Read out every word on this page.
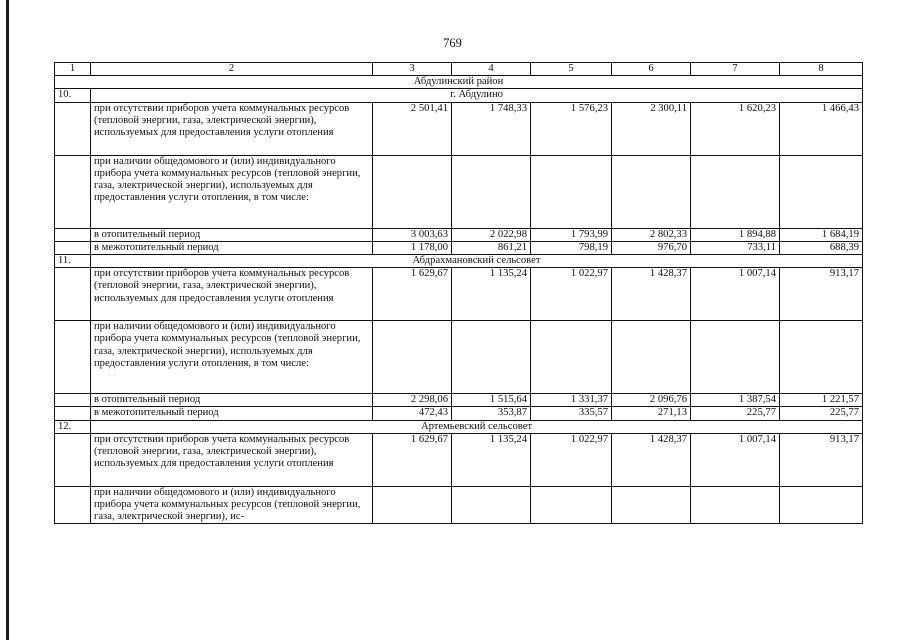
769
1	2	3	4	5	6	7	8
Абдулинский район							
10.	г. Абдулино						
	при отсутствии приборов учета коммунальных ресурсов (тепловой энергии, газа, электрической энергии), используемых для предоставления услуги отопления	2 501,41	1 748,33	1 576,23	2 300,11	1 620,23	1 466,43
	при наличии общедомового и (или) индивидуального прибора учета коммунальных ресурсов (тепловой энергии, газа, электрической энергии), используемых для предоставления услуги отопления, в том числе:						
	в отопительный период	3 003,63	2 022,98	1 793,99	2 802,33	1 894,88	1 684,19
	в межотопительный период	1 178,00	861,21	798,19	976,70	733,11	688,39
11.	Абдрахмановский сельсовет						
	при отсутствии приборов учета коммунальных ресурсов (тепловой энергии, газа, электрической энергии), используемых для предоставления услуги отопления	1 629,67	1 135,24	1 022,97	1 428,37	1 007,14	913,17
	при наличии общедомового и (или) индивидуального прибора учета коммунальных ресурсов (тепловой энергии, газа, электрической энергии), используемых для предоставления услуги отопления, в том числе:						
	в отопительный период	2 298,06	1 515,64	1 331,37	2 096,76	1 387,54	1 221,57
	в межотопительный период	472,43	353,87	335,57	271,13	225,77	225,77
12.	Артемьевский сельсовет						
	при отсутствии приборов учета коммунальных ресурсов (тепловой энергии, газа, электрической энергии), используемых для предоставления услуги отопления	1 629,67	1 135,24	1 022,97	1 428,37	1 007,14	913,17
	при наличии общедомового и (или) индивидуального прибора учета коммунальных ресурсов (тепловой энергии, газа, электрической энергии), ис-						
